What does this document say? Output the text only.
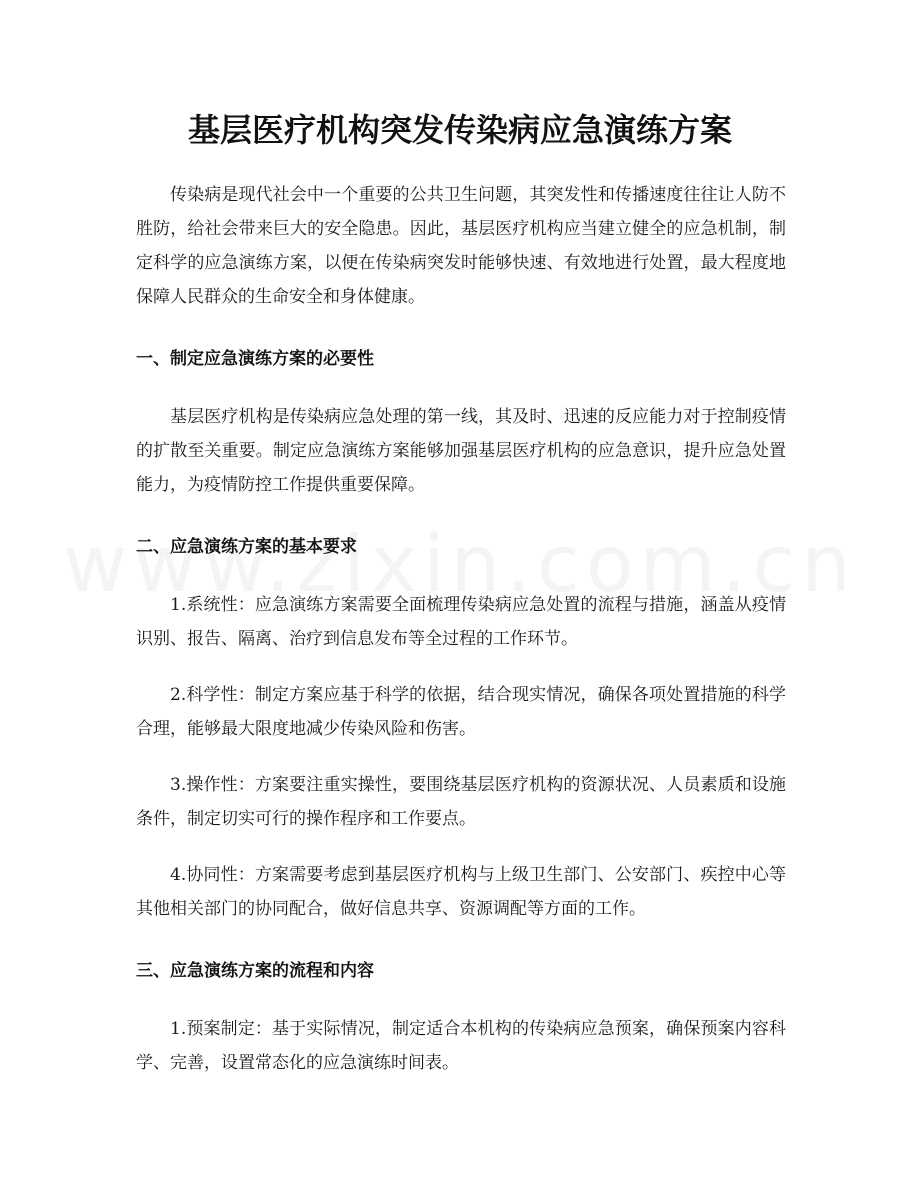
基层医疗机构突发传染病应急演练方案

传染病是现代社会中一个重要的公共卫生问题，其突发性和传播速度往往让人防不胜防，给社会带来巨大的安全隐患。因此，基层医疗机构应当建立健全的应急机制，制定科学的应急演练方案，以便在传染病突发时能够快速、有效地进行处置，最大程度地保障人民群众的生命安全和身体健康。

一、制定应急演练方案的必要性

基层医疗机构是传染病应急处理的第一线，其及时、迅速的反应能力对于控制疫情的扩散至关重要。制定应急演练方案能够加强基层医疗机构的应急意识，提升应急处置能力，为疫情防控工作提供重要保障。

二、应急演练方案的基本要求

1.系统性：应急演练方案需要全面梳理传染病应急处置的流程与措施，涵盖从疫情识别、报告、隔离、治疗到信息发布等全过程的工作环节。

2.科学性：制定方案应基于科学的依据，结合现实情况，确保各项处置措施的科学合理，能够最大限度地减少传染风险和伤害。

3.操作性：方案要注重实操性，要围绕基层医疗机构的资源状况、人员素质和设施条件，制定切实可行的操作程序和工作要点。

4.协同性：方案需要考虑到基层医疗机构与上级卫生部门、公安部门、疾控中心等其他相关部门的协同配合，做好信息共享、资源调配等方面的工作。

三、应急演练方案的流程和内容

1.预案制定：基于实际情况，制定适合本机构的传染病应急预案，确保预案内容科学、完善，设置常态化的应急演练时间表。
